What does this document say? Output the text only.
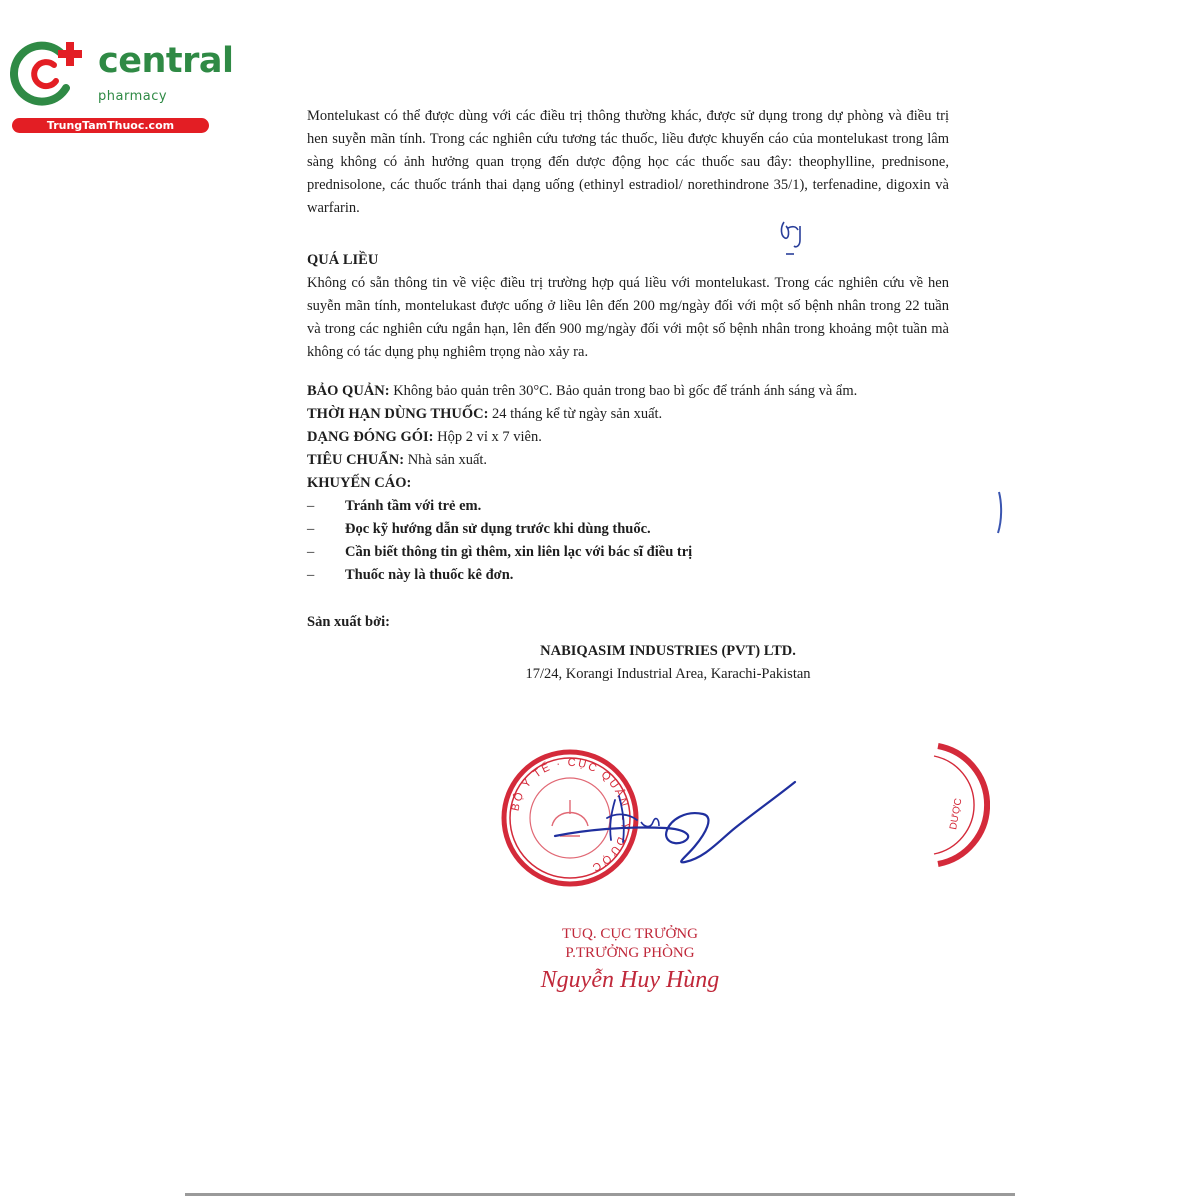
central
pharmacy
TrungTamThuoc.com

Montelukast có thể được dùng với các điều trị thông thường khác, được sử dụng trong dự phòng và điều trị hen suyễn mãn tính. Trong các nghiên cứu tương tác thuốc, liều được khuyến cáo của montelukast trong lâm sàng không có ảnh hưởng quan trọng đến dược động học các thuốc sau đây: theophylline, prednisone, prednisolone, các thuốc tránh thai dạng uống (ethinyl estradiol/ norethindrone 35/1), terfenadine, digoxin và warfarin.

QUÁ LIỀU

Không có sẵn thông tin về việc điều trị trường hợp quá liều với montelukast. Trong các nghiên cứu về hen suyễn mãn tính, montelukast được uống ở liều lên đến 200 mg/ngày đối với một số bệnh nhân trong 22 tuần và trong các nghiên cứu ngắn hạn, lên đến 900 mg/ngày đối với một số bệnh nhân trong khoảng một tuần mà không có tác dụng phụ nghiêm trọng nào xảy ra.

BẢO QUẢN: Không bảo quản trên 30°C. Bảo quản trong bao bì gốc để tránh ánh sáng và ẩm.

THỜI HẠN DÙNG THUỐC: 24 tháng kể từ ngày sản xuất.

DẠNG ĐÓNG GÓI: Hộp 2 vỉ x 7 viên.

TIÊU CHUẨN: Nhà sản xuất.

KHUYẾN CÁO:

– Tránh tầm với trẻ em.
– Đọc kỹ hướng dẫn sử dụng trước khi dùng thuốc.
– Cần biết thông tin gì thêm, xin liên lạc với bác sĩ điều trị
– Thuốc này là thuốc kê đơn.

Sản xuất bởi:

NABIQASIM INDUSTRIES (PVT) LTD.

17/24, Korangi Industrial Area, Karachi-Pakistan

BỘ Y TẾ · CỤC QUẢN LÝ DƯỢC
DƯỢC
TUQ. CỤC TRƯỞNG
P.TRƯỞNG PHÒNG
Nguyễn Huy Hùng
